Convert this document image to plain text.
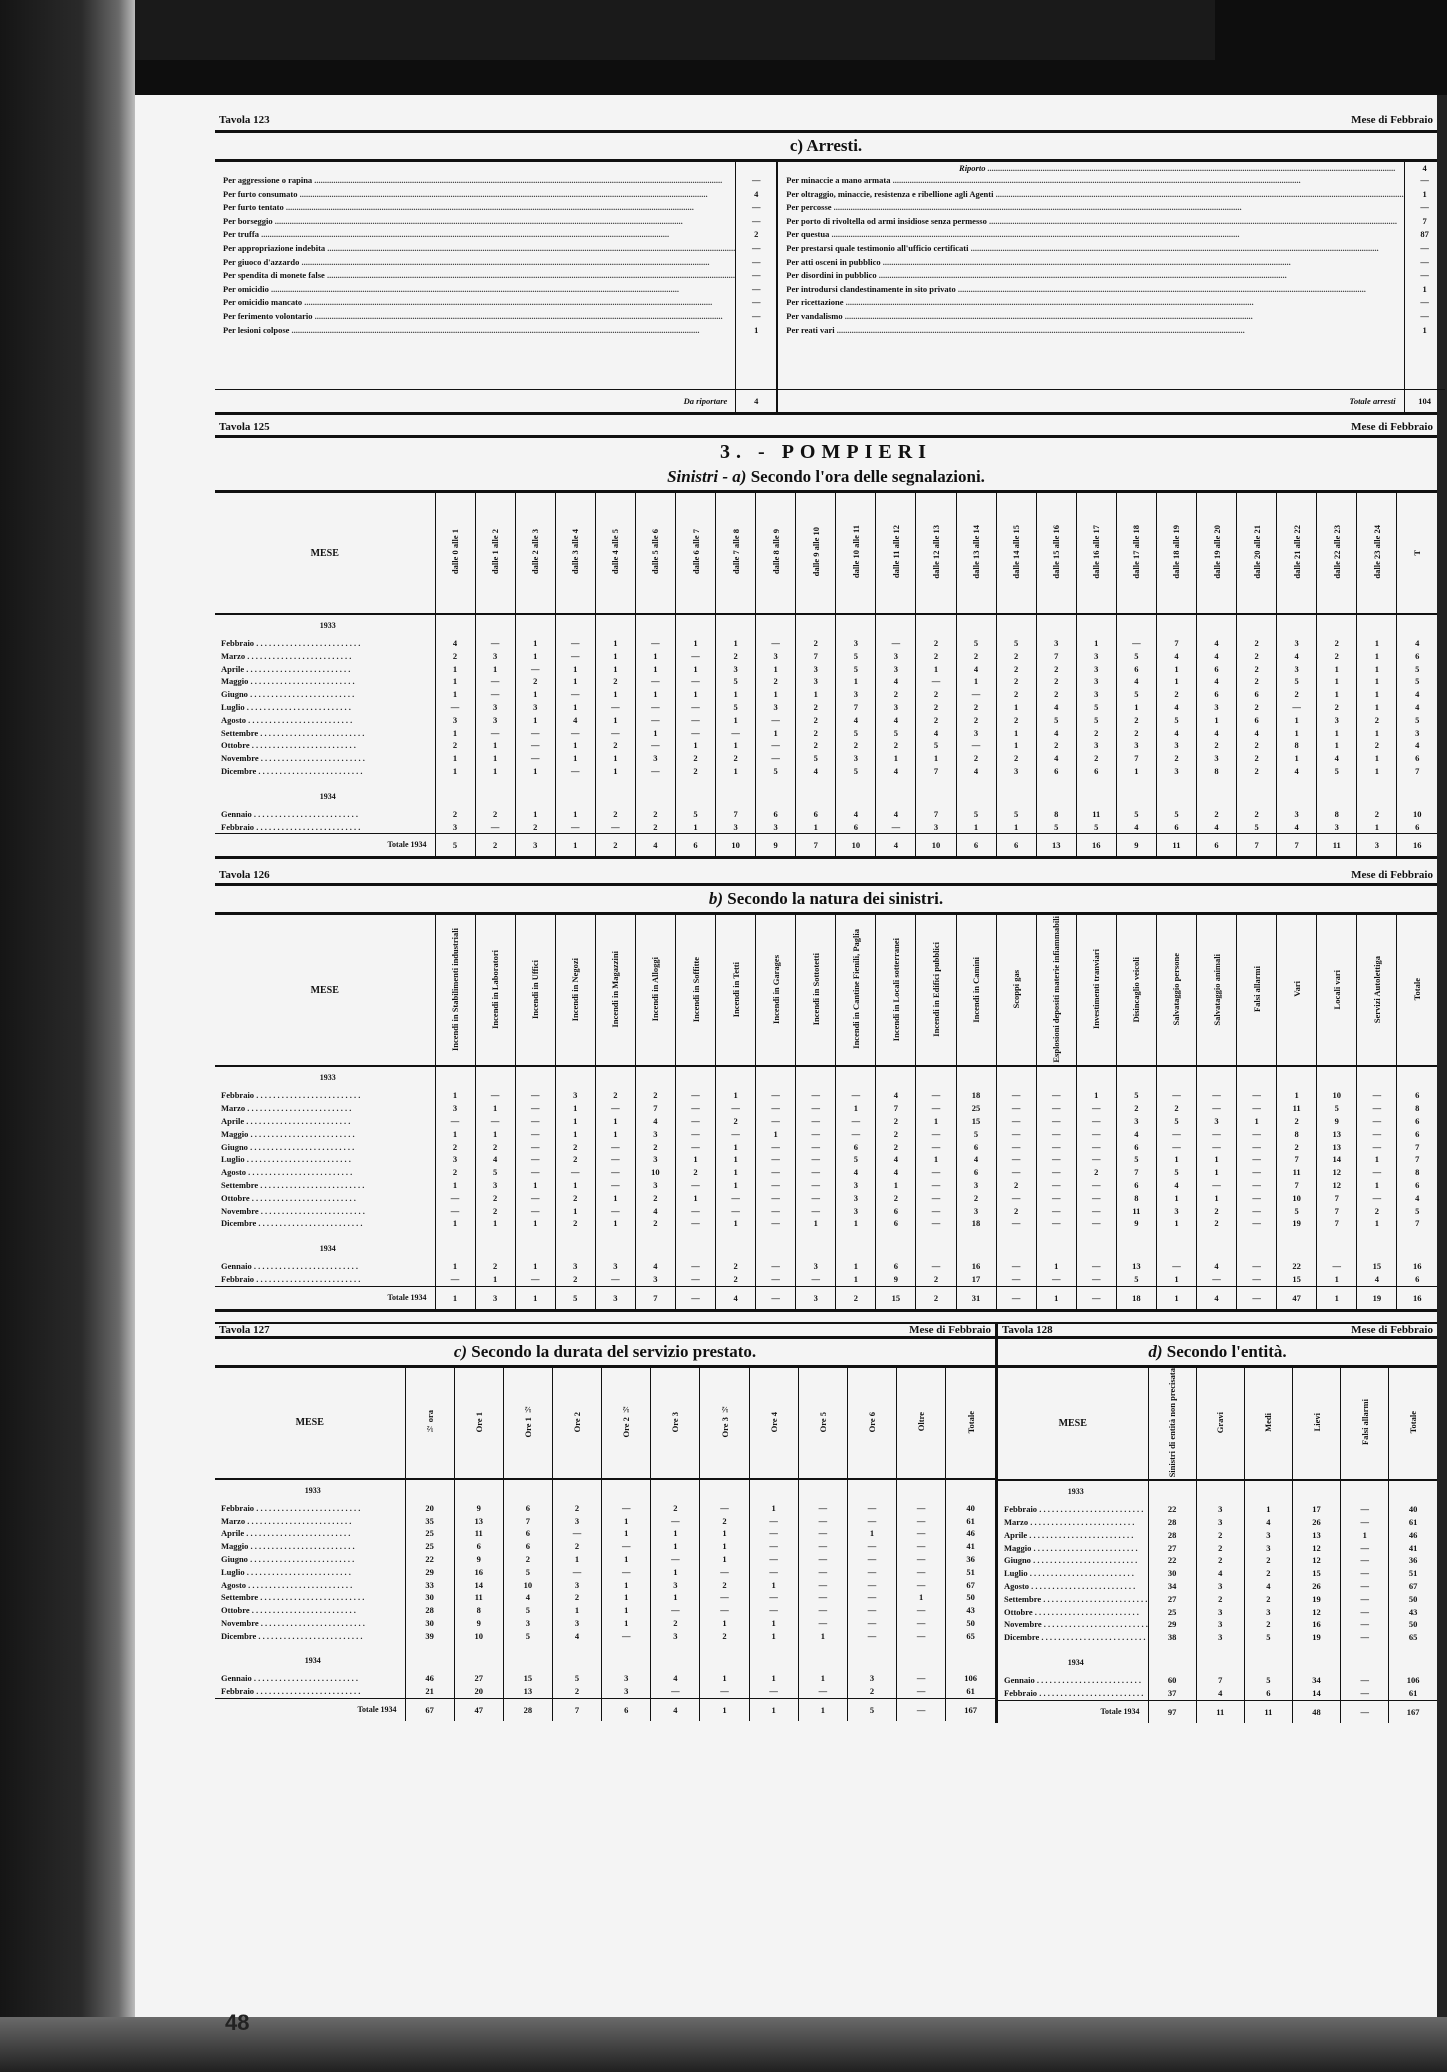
Tavola 123	Mese di Febbraio
c) Arresti.
Per aggressione o rapina .....	—
Per furto consumato .....	4
Per furto tentato .....	—
Per borseggio .....	—
Per truffa .....	2
Per appropriazione indebita .....	—
Per giuoco d'azzardo .....	—
Per spendita di monete false .....	—
Per omicidio .....	—
Per omicidio mancato .....	—
Per ferimento volontario .....	—
Per lesioni colpose .....	1
Da riportare	4
Riporto .....	4
Per minaccie a mano armata .....	—
Per oltraggio, minaccie, resistenza e ribellione agli Agenti .....	1
Per percosse .....	—
Per porto di rivoltella od armi insidiose senza permesso .....	7
Per questua .....	87
Per prestarsi quale testimonio all'ufficio certificati .....	—
Per atti osceni in pubblico .....	—
Per disordini in pubblico .....	—
Per introdursi clandestinamente in sito privato .....	1
Per ricettazione .....	—
Per vandalismo .....	—
Per reati vari .....	1
Totale arresti	104
Tavola 125	Mese di Febbraio
3. - POMPIERI
Sinistri - a) Secondo l'ora delle segnalazioni.
MESE	dalle 0 alle 1	dalle 1 alle 2	dalle 2 alle 3	dalle 3 alle 4	dalle 4 alle 5	dalle 5 alle 6	dalle 6 alle 7	dalle 7 alle 8	dalle 8 alle 9	dalle 9 alle 10	dalle 10 alle 11	dalle 11 alle 12	dalle 12 alle 13	dalle 13 alle 14	dalle 14 alle 15	dalle 15 alle 16	dalle 16 alle 17	dalle 17 alle 18	dalle 18 alle 19	dalle 19 alle 20	dalle 20 alle 21	dalle 21 alle 22	dalle 22 alle 23	dalle 23 alle 24	T
1933																									
Febbraio . . .	4	—	1	—	1	—	1	1	—	2	3	—	2	5	5	3	1	—	7	4	2	3	2	1	4
Marzo . . .	2	3	1	—	1	1	—	2	3	7	5	3	2	2	2	7	3	5	4	4	2	4	2	1	6
Aprile . . .	1	1	—	1	1	1	1	3	1	3	5	3	1	4	2	2	3	6	1	6	2	3	1	1	5
Maggio . . .	1	—	2	1	2	—	—	5	2	3	1	4	—	1	2	2	3	4	1	4	2	5	1	1	5
Giugno . . .	1	—	1	—	1	1	1	1	1	1	3	2	2	—	2	2	3	5	2	6	6	2	1	1	4
Luglio . . .	—	3	3	1	—	—	—	5	3	2	7	3	2	2	1	4	5	1	4	3	2	—	2	1	4
Agosto . . .	3	3	1	4	1	—	—	1	—	2	4	4	2	2	2	5	5	2	5	1	6	1	3	2	5
Settembre . . .	1	—	—	—	—	1	—	—	1	2	5	5	4	3	1	4	2	2	4	4	4	1	1	1	3
Ottobre . . .	2	1	—	1	2	—	1	1	—	2	2	2	5	—	1	2	3	3	3	2	2	8	1	2	4
Novembre . . .	1	1	—	1	1	3	2	2	—	5	3	1	1	2	2	4	2	7	2	3	2	1	4	1	6
Dicembre . . .	1	1	1	—	1	—	2	1	5	4	5	4	7	4	3	6	6	1	3	8	2	4	5	1	7

1934																									
Gennaio . . .	2	2	1	1	2	2	5	7	6	6	4	4	7	5	5	8	11	5	5	2	2	3	8	2	10
Febbraio . . .	3	—	2	—	—	2	1	3	3	1	6	—	3	1	1	5	5	4	6	4	5	4	3	1	6
Totale 1934	5	2	3	1	2	4	6	10	9	7	10	4	10	6	6	13	16	9	11	6	7	7	11	3	16
Tavola 126	Mese di Febbraio
b) Secondo la natura dei sinistri.
MESE	Incendi in Stabilimenti industriali	Incendi in Laboratori	Incendi in Uffici	Incendi in Negozi	Incendi in Magazzini	Incendi in Alloggi	Incendi in Soffitte	Incendi in Tetti	Incendi in Garages	Incendi in Sottotetti	Incendi in Cantine Fienili, Paglia	Incendi in Locali sotterranei	Incendi in Edifici pubblici	Incendi in Camini	Scoppi gas	Esplosioni depositi materie infiammabili	Investimenti tranviari	Disincaglio veicoli	Salvataggio persone	Salvataggio animali	Falsi allarmi	Vari	Locali vari	Servizi Autolettiga	Totale
1933																									
Febbraio . . .	1	—	—	3	2	2	—	1	—	—	—	4	—	18	—	—	1	5	—	—	—	1	10	—	6
Marzo . . .	3	1	—	1	—	7	—	—	—	—	1	7	—	25	—	—	—	2	2	—	—	11	5	—	8
Aprile . . .	—	—	—	1	1	4	—	2	—	—	—	2	1	15	—	—	—	3	5	3	1	2	9	—	6
Maggio . . .	1	1	—	1	1	3	—	—	1	—	—	2	—	5	—	—	—	4	—	—	—	8	13	—	6
Giugno . . .	2	2	—	2	—	2	—	1	—	—	6	2	—	6	—	—	—	6	—	—	—	2	13	—	7
Luglio . . .	3	4	—	2	—	3	1	1	—	—	5	4	1	4	—	—	—	5	1	1	—	7	14	1	7
Agosto . . .	2	5	—	—	—	10	2	1	—	—	4	4	—	6	—	—	2	7	5	1	—	11	12	—	8
Settembre . . .	1	3	1	1	—	3	—	1	—	—	3	1	—	3	2	—	—	6	4	—	—	7	12	1	6
Ottobre . . .	—	2	—	2	1	2	1	—	—	—	3	2	—	2	—	—	—	8	1	1	—	10	7	—	4
Novembre . . .	—	2	—	1	—	4	—	—	—	—	3	6	—	3	2	—	—	11	3	2	—	5	7	2	5
Dicembre . . .	1	1	1	2	1	2	—	1	—	1	1	6	—	18	—	—	—	9	1	2	—	19	7	1	7

1934																									
Gennaio . . .	1	2	1	3	3	4	—	2	—	3	1	6	—	16	—	1	—	13	—	4	—	22	—	15	16
Febbraio . . .	—	1	—	2	—	3	—	2	—	—	1	9	2	17	—	—	—	5	1	—	—	15	1	4	6
Totale 1934	1	3	1	5	3	7	—	4	—	3	2	15	2	31	—	1	—	18	1	4	—	47	1	19	16
Tavola 127	Mese di Febbraio
c) Secondo la durata del servizio prestato.
MESE	½ ora	Ore 1	Ore 1 ½	Ore 2	Ore 2 ½	Ore 3	Ore 3 ½	Ore 4	Ore 5	Ore 6	Oltre	Totale
1933												
Febbraio . . .	20	9	6	2	—	2	—	1	—	—	—	40
Marzo . . .	35	13	7	3	1	—	2	—	—	—	—	61
Aprile . . .	25	11	6	—	1	1	1	—	—	1	—	46
Maggio . . .	25	6	6	2	—	1	1	—	—	—	—	41
Giugno . . .	22	9	2	1	1	—	1	—	—	—	—	36
Luglio . . .	29	16	5	—	—	1	—	—	—	—	—	51
Agosto . . .	33	14	10	3	1	3	2	1	—	—	—	67
Settembre . . .	30	11	4	2	1	1	—	—	—	—	1	50
Ottobre . . .	28	8	5	1	1	—	—	—	—	—	—	43
Novembre . . .	30	9	3	3	1	2	1	1	—	—	—	50
Dicembre . . .	39	10	5	4	—	3	2	1	1	—	—	65

1934												
Gennaio . . .	46	27	15	5	3	4	1	1	1	3	—	106
Febbraio . . .	21	20	13	2	3	—	—	—	—	2	—	61
Totale 1934	67	47	28	7	6	4	1	1	1	5	—	167
Tavola 128	Mese di Febbraio
d) Secondo l'entità.
MESE	Sinistri di entità non precisata	Gravi	Medi	Lievi	Falsi allarmi	Totale
1933						
Febbraio . . .	22	3	1	17	—	40
Marzo . . .	28	3	4	26	—	61
Aprile . . .	28	2	3	13	1	46
Maggio . . .	27	2	3	12	—	41
Giugno . . .	22	2	2	12	—	36
Luglio . . .	30	4	2	15	—	51
Agosto . . .	34	3	4	26	—	67
Settembre . . .	27	2	2	19	—	50
Ottobre . . .	25	3	3	12	—	43
Novembre . . .	29	3	2	16	—	50
Dicembre . . .	38	3	5	19	—	65

1934						
Gennaio . . .	60	7	5	34	—	106
Febbraio . . .	37	4	6	14	—	61
Totale 1934	97	11	11	48	—	167
48
